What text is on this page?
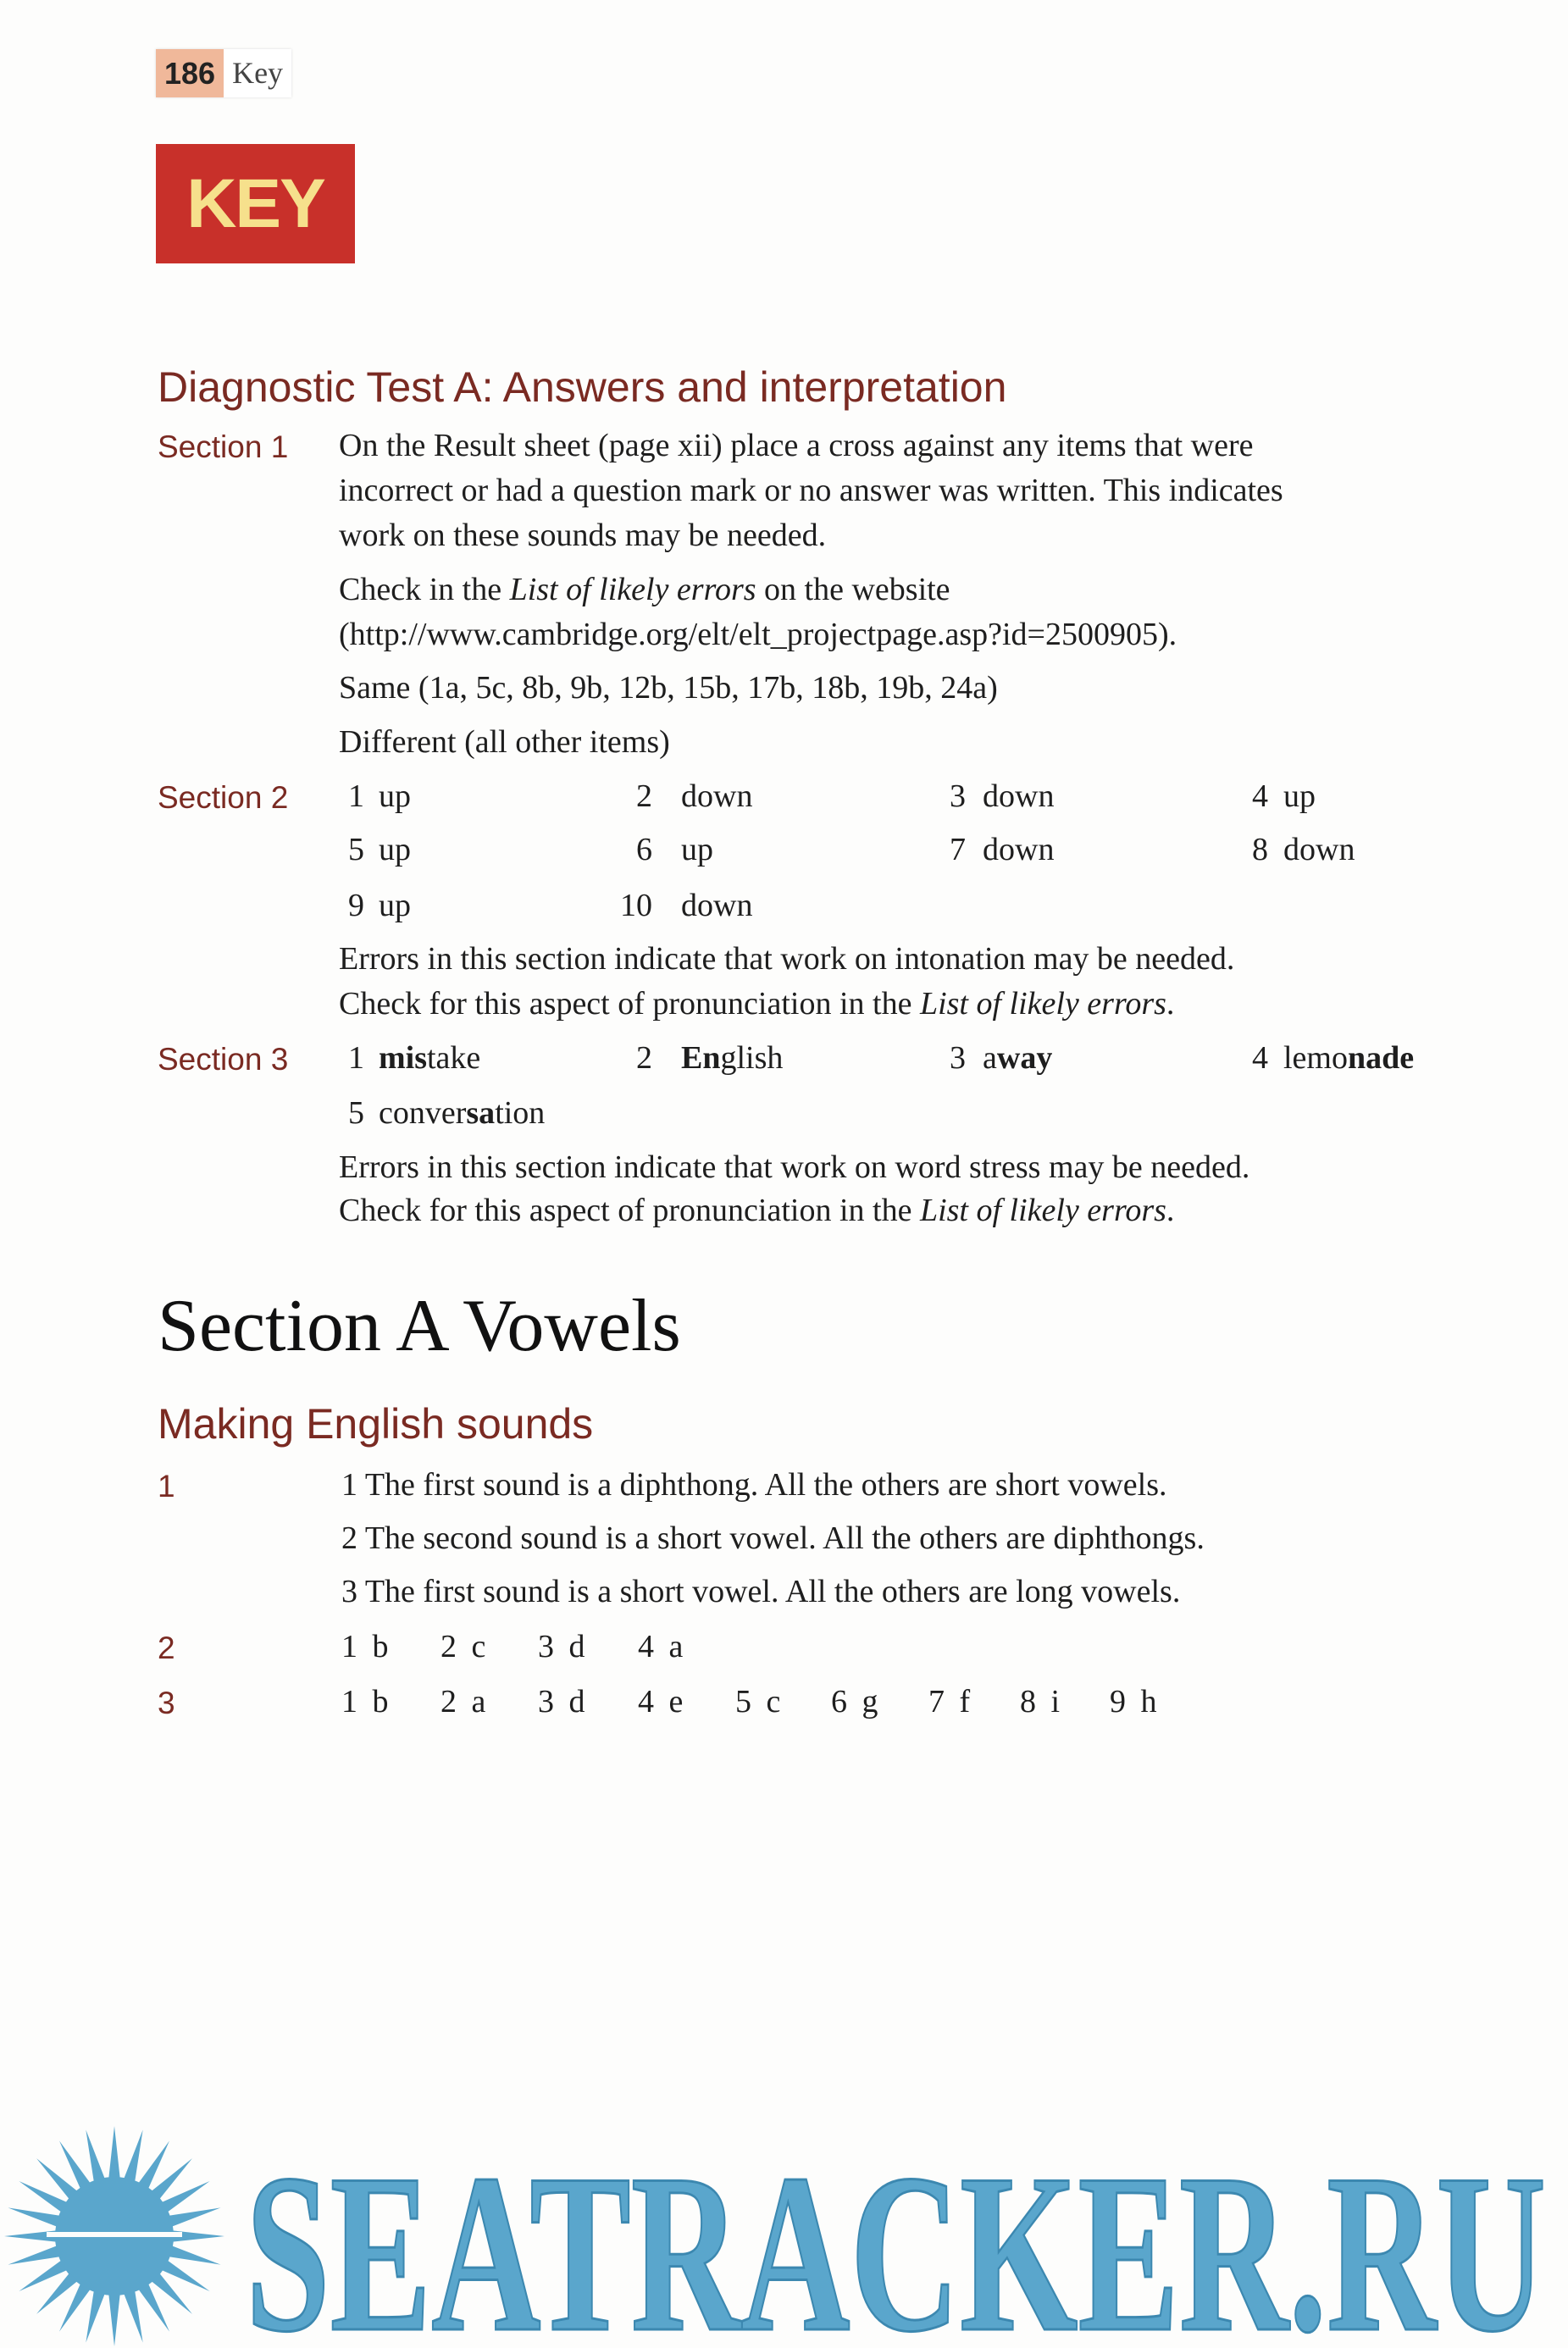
186 Key
KEY
Diagnostic Test A: Answers and interpretation
Section 1 On the Result sheet (page xii) place a cross against any items that were
incorrect or had a question mark or no answer was written. This indicates
work on these sounds may be needed.
Check in the List of likely errors on the website
(http://www.cambridge.org/elt/elt_projectpage.asp?id=2500905).
Same (1a, 5c, 8b, 9b, 12b, 15b, 17b, 18b, 19b, 24a)
Different (all other items)
Section 2	1 up	2 down	3 down	4 up
5 up	6 up	7 down	8 down
9 up	10 down
Errors in this section indicate that work on intonation may be needed.
Check for this aspect of pronunciation in the List of likely errors.
Section 3	1 mistake	2 English	3 away	4 lemonade
5 conversation
Errors in this section indicate that work on word stress may be needed.
Check for this aspect of pronunciation in the List of likely errors.
Section A Vowels
Making English sounds
1	1 The first sound is a diphthong. All the others are short vowels.
2 The second sound is a short vowel. All the others are diphthongs.
3 The first sound is a short vowel. All the others are long vowels.
2	1 b 2 c 3 d 4 a
3	1 b 2 a 3 d 4 e 5 c 6 g 7 f 8 i 9 h
SEATRACKER.RU
